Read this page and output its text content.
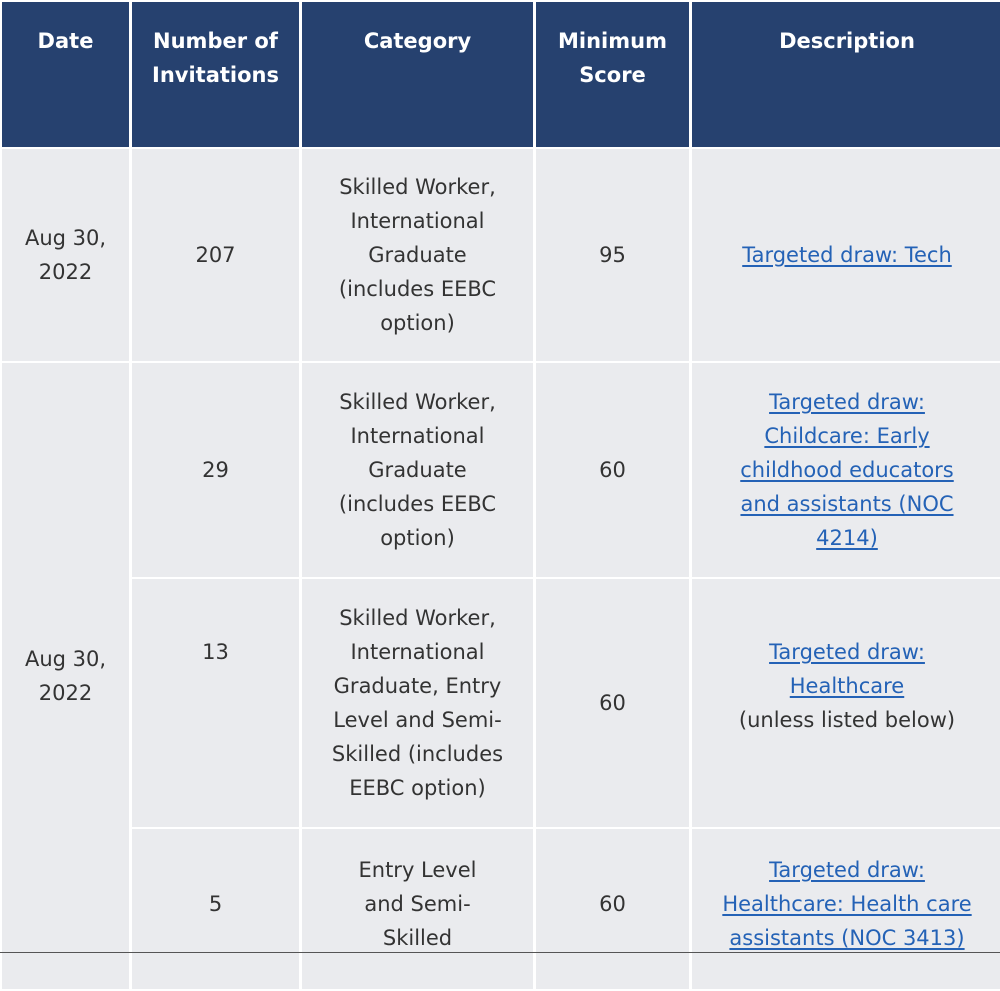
Date	Number of Invitations	Category	Minimum Score	Description
Aug 30, 2022	207	Skilled Worker, International Graduate (includes EEBC option)	95	Targeted draw: Tech
Aug 30, 2022	29	Skilled Worker, International Graduate (includes EEBC option)	60	Targeted draw: Childcare: Early childhood educators and assistants (NOC 4214)
	13	Skilled Worker, International Graduate, Entry Level and Semi-Skilled (includes EEBC option)	60	Targeted draw: Healthcare
(unless listed below)
	5	Entry Level and Semi-Skilled	60	Targeted draw: Healthcare: Health care assistants (NOC 3413)
